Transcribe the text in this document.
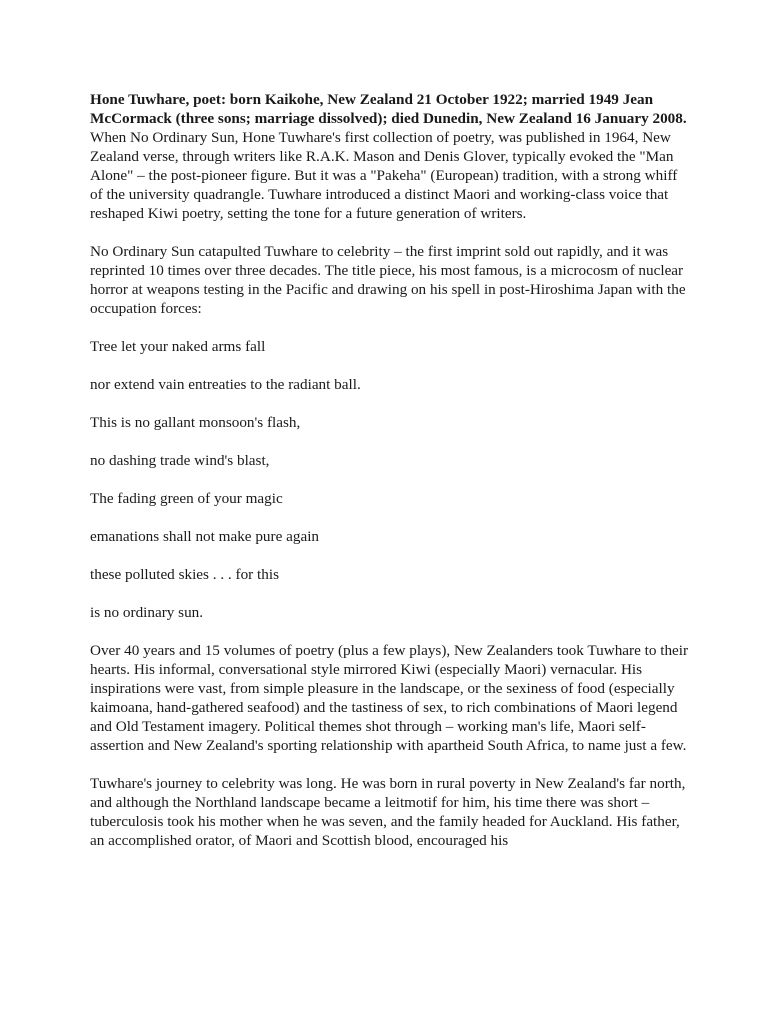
Hone Tuwhare, poet: born Kaikohe, New Zealand 21 October 1922; married 1949 Jean McCormack (three sons; marriage dissolved); died Dunedin, New Zealand 16 January 2008.

When No Ordinary Sun, Hone Tuwhare's first collection of poetry, was published in 1964, New Zealand verse, through writers like R.A.K. Mason and Denis Glover, typically evoked the "Man Alone" – the post-pioneer figure. But it was a "Pakeha" (European) tradition, with a strong whiff of the university quadrangle. Tuwhare introduced a distinct Maori and working-class voice that reshaped Kiwi poetry, setting the tone for a future generation of writers.

No Ordinary Sun catapulted Tuwhare to celebrity – the first imprint sold out rapidly, and it was reprinted 10 times over three decades. The title piece, his most famous, is a microcosm of nuclear horror at weapons testing in the Pacific and drawing on his spell in post-Hiroshima Japan with the occupation forces:

Tree let your naked arms fall

nor extend vain entreaties to the radiant ball.

This is no gallant monsoon's flash,

no dashing trade wind's blast,

The fading green of your magic

emanations shall not make pure again

these polluted skies . . . for this

is no ordinary sun.

Over 40 years and 15 volumes of poetry (plus a few plays), New Zealanders took Tuwhare to their hearts. His informal, conversational style mirrored Kiwi (especially Maori) vernacular. His inspirations were vast, from simple pleasure in the landscape, or the sexiness of food (especially kaimoana, hand-gathered seafood) and the tastiness of sex, to rich combinations of Maori legend and Old Testament imagery. Political themes shot through – working man's life, Maori self-assertion and New Zealand's sporting relationship with apartheid South Africa, to name just a few.

Tuwhare's journey to celebrity was long. He was born in rural poverty in New Zealand's far north, and although the Northland landscape became a leitmotif for him, his time there was short – tuberculosis took his mother when he was seven, and the family headed for Auckland. His father, an accomplished orator, of Maori and Scottish blood, encouraged his
